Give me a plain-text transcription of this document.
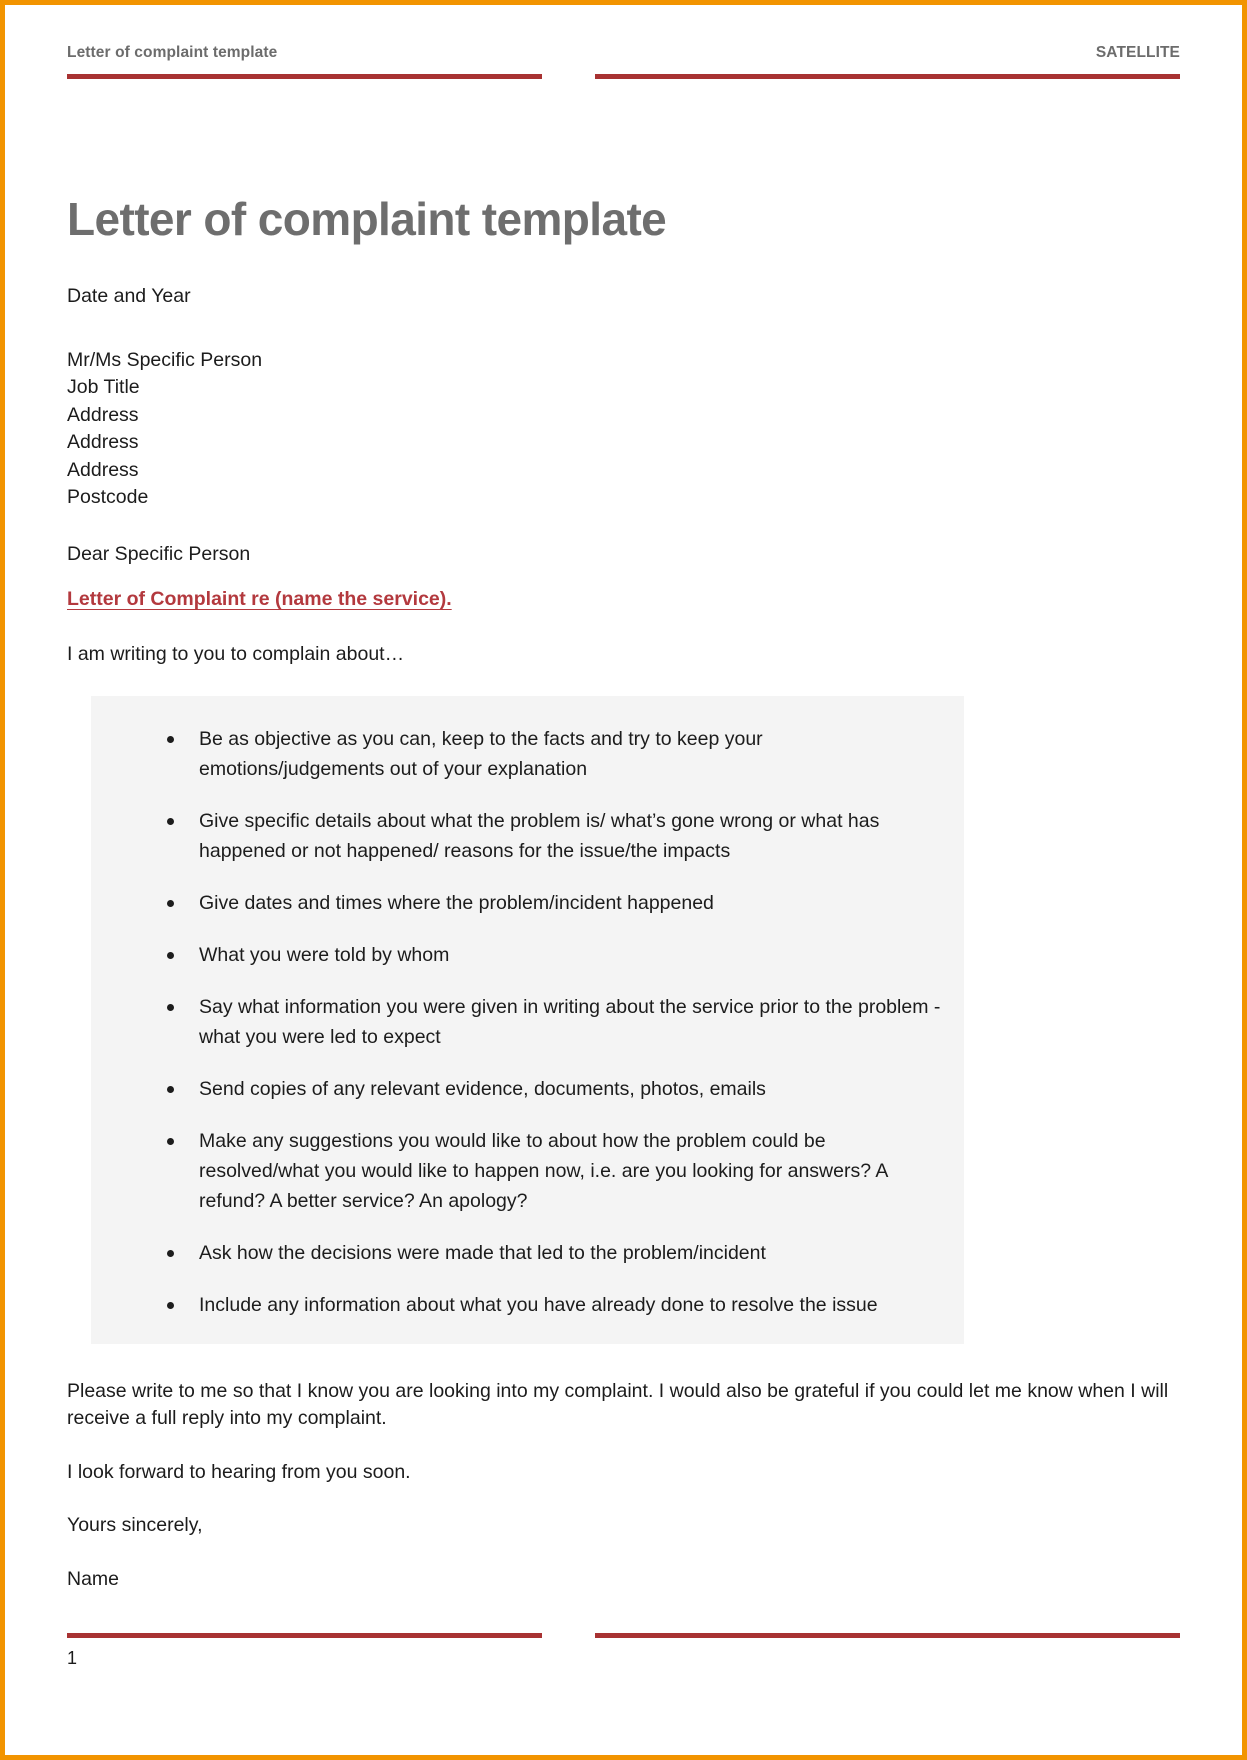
Letter of complaint template	SATELLITE
Letter of complaint template

Date and Year

Mr/Ms Specific Person

Job Title

Address

Address

Address

Postcode

Dear Specific Person

Letter of Complaint re (name the service).

I am writing to you to complain about…

Be as objective as you can, keep to the facts and try to keep your emotions/judgements out of your explanation
Give specific details about what the problem is/ what’s gone wrong or what has happened or not happened/ reasons for the issue/the impacts
Give dates and times where the problem/incident happened
What you were told by whom
Say what information you were given in writing about the service prior to the problem - what you were led to expect
Send copies of any relevant evidence, documents, photos, emails
Make any suggestions you would like to about how the problem could be resolved/what you would like to happen now, i.e. are you looking for answers? A refund? A better service? An apology?
Ask how the decisions were made that led to the problem/incident
Include any information about what you have already done to resolve the issue

Please write to me so that I know you are looking into my complaint. I would also be grateful if you could let me know when I will receive a full reply into my complaint.

I look forward to hearing from you soon.

Yours sincerely,

Name

1
